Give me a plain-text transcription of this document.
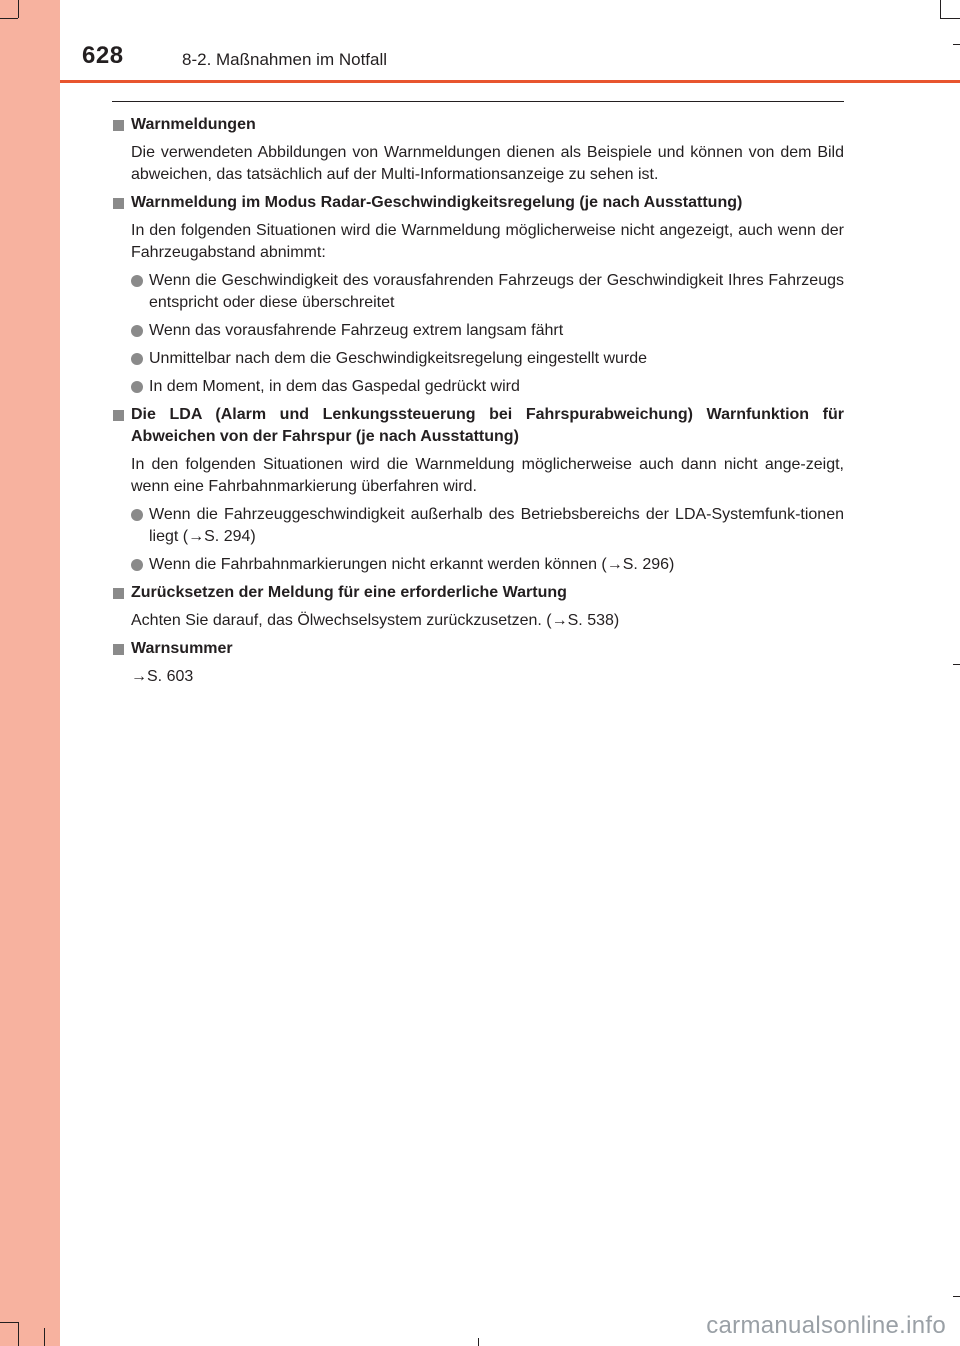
628	8-2. Maßnahmen im Notfall
Warnmeldungen
Die verwendeten Abbildungen von Warnmeldungen dienen als Beispiele und können von dem Bild abweichen, das tatsächlich auf der Multi-Informationsanzeige zu sehen ist.
Warnmeldung im Modus Radar-Geschwindigkeitsregelung (je nach Ausstattung)
In den folgenden Situationen wird die Warnmeldung möglicherweise nicht angezeigt, auch wenn der Fahrzeugabstand abnimmt:
Wenn die Geschwindigkeit des vorausfahrenden Fahrzeugs der Geschwindigkeit Ihres Fahrzeugs entspricht oder diese überschreitet
Wenn das vorausfahrende Fahrzeug extrem langsam fährt
Unmittelbar nach dem die Geschwindigkeitsregelung eingestellt wurde
In dem Moment, in dem das Gaspedal gedrückt wird
Die LDA (Alarm und Lenkungssteuerung bei Fahrspurabweichung) Warnfunktion für Abweichen von der Fahrspur (je nach Ausstattung)
In den folgenden Situationen wird die Warnmeldung möglicherweise auch dann nicht ange-zeigt, wenn eine Fahrbahnmarkierung überfahren wird.
Wenn die Fahrzeuggeschwindigkeit außerhalb des Betriebsbereichs der LDA-Systemfunk-tionen liegt (→S. 294)
Wenn die Fahrbahnmarkierungen nicht erkannt werden können (→S. 296)
Zurücksetzen der Meldung für eine erforderliche Wartung
Achten Sie darauf, das Ölwechselsystem zurückzusetzen. (→S. 538)
Warnsummer
→S. 603
carmanualsonline.info
